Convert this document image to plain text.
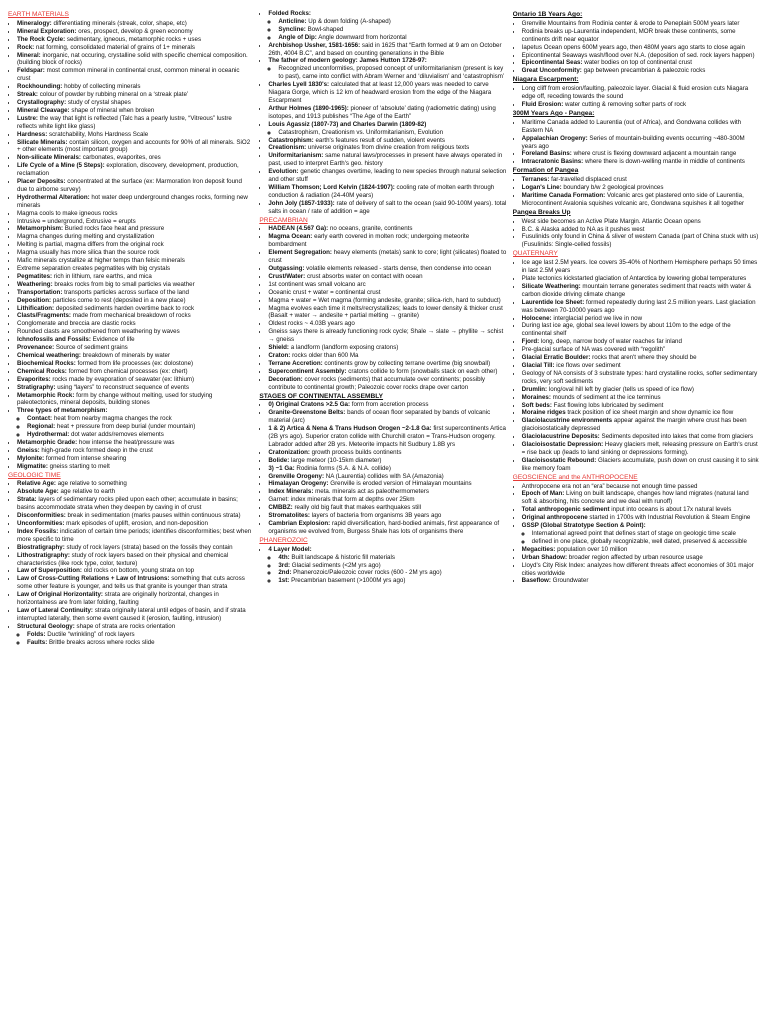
EARTH MATERIALS
• Mineralogy: differentiating minerals (streak, color, shape, etc)
• Mineral Exploration: ores, prospect, develop & green economy
• The Rock Cycle: sedimentary, igneous, metamorphic rocks + uses
• Rock: nat forming, consolidated material of grains of 1+ minerals
• Mineral: inorganic, nat occuring, crystalline solid with specific chemical composition. (building block of rocks)
• Feldspar: most common mineral in continental crust, common mineral in oceanic crust
• Rockhounding: hobby of collecting minerals
• Streak: colour of powder by rubbing mineral on a ‘streak plate’
• Crystallography: study of crystal shapes
• Mineral Cleavage: shape of mineral when broken
• Lustre: the way that light is reflected (Talc has a pearly lustre, “Vitreous” lustre reflects white light like glass)
• Hardness: scratchability, Mohs Hardness Scale
• Silicate Minerals: contain silicon, oxygen and accounts for 90% of all minerals. SiO2 + other elements (most important group)
• Non-silicate Minerals: carbonates, evaporites, ores
• Life Cycle of a Mine (5 Steps): exploration, discovery, development, production, reclamation
• Placer Deposits: concentrated at the surface (ex: Marmoration Iron deposit found due to airborne survey)
• Hydrothermal Alteration: hot water deep underground changes rocks, forming new minerals
• Magma cools to make igneous rocks
• Intrusive = underground, Extrusive = erupts
• Metamorphism: Buried rocks face heat and pressure
• Magma changes during melting and crystallization
• Melting is partial, magma differs from the original rock
• Magma usually has more silica than the source rock
• Mafic minerals crystallize at higher temps than felsic minerals
• Extreme separation creates pegmatites with big crystals
• Pegmatites: rich in lithium, rare earths, and mica
• Weathering: breaks rocks from big to small particles via weather
• Transportation: transports particles across surface of the land
• Deposition: particles come to rest (deposited in a new place)
• Lithification: deposited sediments harden overtime back to rock
• Clasts/Fragments: made from mechanical breakdown of rocks
• Conglomerate and breccia are clastic rocks
• Rounded clasts are smoothened from weathering by waves
• Ichnofossils and Fossils: Evidence of life
• Provenance: Source of sediment grains
• Chemical weathering: breakdown of minerals by water
• Biochemical Rocks: formed from life processes (ex: dolostone)
• Chemical Rocks: formed from chemical processes (ex: chert)
• Evaporites: rocks made by evaporation of seawater (ex: lithium)
• Stratigraphy: using “layers” to reconstruct sequence of events
• Metamorphic Rock: form by change without melting, used for studying paleotectonics, mineral deposits, building stones
• Three types of metamorphism:
◦ Contact: heat from nearby magma changes the rock
◦ Regional: heat + pressure from deep burial (under mountain)
◦ Hydrothermal: dot water adds/removes elements
• Metamorphic Grade: how intense the heat/pressure was
• Gneiss: high-grade rock formed deep in the crust
• Mylonite: formed from intense shearing
• Migmatite: gneiss starting to melt
GEOLOGIC TIME
• Relative Age: age relative to something
• Absolute Age: age relative to earth
• Strata: layers of sedimentary rocks piled upon each other; accumulate in basins; basins accommodate strata when they deepen by caving in of crust
• Disconformities: break in sedimentation (marks pauses within continuous strata)
• Unconformities: mark episodes of uplift, erosion, and non-deposition
• Index Fossils: indication of certain time periods; identifies disconformities; best when more specific to time
• Biostratigraphy: study of rock layers (strata) based on the fossils they contain
• Lithostratigraphy: study of rock layers based on their physical and chemical characteristics (like rock type, color, texture)
• Law of Superposition: old rocks on bottom, young strata on top
• Law of Cross-Cutting Relations + Law of Intrusions: something that cuts across some other feature is younger, and tells us that granite is younger than strata
• Law of Original Horizontality: strata are originally horizontal, changes in horizontalness are from later folding, faulting
• Law of Lateral Continuity: strata originally lateral until edges of basin, and if strata interrupted laterally, then some event caused it (erosion, faulting, intrusion)
• Structural Geology: shape of strata are rocks orientation
◦ Folds: Ductile “wrinkling” of rock layers
◦ Faults: Brittle breaks across where rocks slide
• Folded Rocks:
◦ Anticline: Up & down folding (A-shaped)
◦ Syncline: Bowl-shaped
◦ Angle of Dip: Angle downward from horizontal
• Archbishop Ussher, 1581-1656: said in 1625 that “Earth formed at 9 am on October 26th, 4004 B.C”, and based on counting generations in the Bible
• The father of modern geology: James Hutton 1726-97:
◦ Recognized unconformities, proposed concept of uniformitarianism (present is key to past), came into conflict with Abram Werner and ‘diluvialism’ and ‘catastrophism’
• Charles Lyell 1830's: calculated that at least 12,000 years was needed to carve Niagara Gorge, which is 12 km of headward erosion from the edge of the Niagara Escarpment
• Arthur Holmes (1890-1965): pioneer of ‘absolute’ dating (radiometric dating) using isotopes, and 1913 publishes “The Age of the Earth”
• Louis Agassiz (1807-73) and Charles Darwin (1809-82)
◦ Catastrophism, Creationism vs. Uniformitarianism, Evolution
• Catastrophism: earth's features result of sudden, violent events
• Creationism: universe originates from divine creation from religious texts
• Uniformitarianism: same natural laws/processes in present have always operated in past, used to interpret Earth's geo. history
• Evolution: genetic changes overtime, leading to new species through natural selection and other stuff
• William Thomson; Lord Kelvin (1824-1907): cooling rate of molten earth through conduction & radiation (24-40M years)
• John Joly (1857-1933): rate of delivery of salt to the ocean (said 90-100M years). total salts in ocean / rate of addition = age
PRECAMBRIAN
• HADEAN (4.567 Ga): no oceans, granite, continents
• Magma Ocean: early earth covered in molten rock; undergoing meteorite bombardment
• Element Segregation: heavy elements (metals) sank to core; light (silicates) floated to crust
• Outgassing: volatile elements released - starts dense, then condense into ocean
• Crust/Water: crust absorbs water on contact with ocean
• 1st continent was small volcano arc
• Oceanic crust + water = continental crust
• Magma + water = Wet magma (forming andesite, granite; silica-rich, hard to subduct)
• Magma evolves each time it melts/recrystallizes; leads to lower density & thicker crust (Basalt + water → andesite + partial melting → granite)
• Oldest rocks ~ 4.03B years ago
• Gneiss says there is already functioning rock cycle; Shale → slate → phyllite → schist → gneiss
• Shield: a landform (landform exposing cratons)
• Craton: rocks older than 600 Ma
• Terrane Accretion: continents grow by collecting terrane overtime (big snowball)
• Supercontinent Assembly: cratons collide to form (snowballs stack on each other)
• Decoration: cover rocks (sediments) that accumulate over continents; possibly contribute to continental growth; Paleozoic cover rocks drape over carton
STAGES OF CONTINENTAL ASSEMBLY
• 0) Original Cratons >2.5 Ga: form from accretion process
• Granite-Greenstone Belts: bands of ocean floor separated by bands of volcanic material (arc)
• 1 & 2) Artica & Nena & Trans Hudson Orogen ~2-1.8 Ga: first supercontinents Artica (2B yrs ago). Superior craton collide with Churchill craton = Trans-Hudson orogeny. Labrador added after 2B yrs. Meteorite impacts hit Sudbury 1.8B yrs
• Cratonization: growth process builds continents
• Bolide: large meteor (10-15km diameter)
• 3) ~1 Ga: Rodinia forms (S.A. & N.A. collide)
• Grenville Orogeny: NA (Laurentia) collides with SA (Amazonia)
• Himalayan Orogeny: Grenville is eroded version of Himalayan mountains
• Index Minerals: meta. minerals act as paleothermometers
• Garnet: index minerals that form at depths over 25km
• CMBBZ: really old big fault that makes earthquakes still
• Stromatolites: layers of bacteria from organisms 3B years ago
• Cambrian Explosion: rapid diversification, hard-bodied animals, first appearance of organisms we evolved from, Burgess Shale has lots of organisms there
PHANEROZOIC
• 4 Layer Model:
◦ 4th: Built landscape & historic fill materials
◦ 3rd: Glacial sediments (<2M yrs ago)
◦ 2nd: Phanerozoic/Paleozoic cover rocks (600 - 2M yrs ago)
◦ 1st: Precambrian basement (>1000M yrs ago)
Ontario 1B Years Ago:
• Grenville Mountains from Rodinia center & erode to Peneplain 500M years later
• Rodinia breaks up-Laurentia independent, MOR break these continents, some continents drift near equator
• Iapetus Ocean opens 600M years ago, then 480M years ago starts to close again
• Epicontinental Seaways wash/flood over N.A. (deposition of sed. rock layers happen)
• Epicontinental Seas: water bodies on top of continental crust
• Great Unconformity: gap between precambrian & paleozoic rocks
Niagara Escarpment:
• Long cliff from erosion/faulting, paleozoic layer. Glacial & fluid erosion cuts Niagara edge off, receding towards the sound
• Fluid Erosion: water cutting & removing softer parts of rock
300M Years Ago - Pangea:
• Maritime Canada added to Laurentia (out of Africa), and Gondwana collides with Eastern NA
• Appalachian Orogeny: Series of mountain-building events occurring ~480-300M years ago
• Foreland Basins: where crust is flexing downward adjacent a mountain range
• Intracratonic Basins: where there is down-welling mantle in middle of continents
Formation of Pangea
• Terranes: far-travelled displaced crust
• Logan's Line: boundary b/w 2 geological provinces
• Maritime Canada Formation: Volcanic arcs get plastered onto side of Laurentia, Microcontinent Avalonia squishes volcanic arc, Gondwana squishes it all together
Pangea Breaks Up
• West side becomes an Active Plate Margin. Atlantic Ocean opens
• B.C. & Alaska added to NA as it pushes west
• Fusulinids only found in China & sliver of western Canada (part of China stuck with us) (Fusulinids: Single-celled fossils)
QUATERNARY
• Ice age last 2.5M years. Ice covers 35-40% of Northern Hemisphere perhaps 50 times in last 2.5M years
• Plate tectonics kickstarted glaciation of Antarctica by lowering global temperatures
• Silicate Weathering: mountain terrane generates sediment that reacts with water & carbon dioxide driving climate change
• Laurentide Ice Sheet: formed repeatedly during last 2.5 million years. Last glaciation was between 70-10000 years ago
• Holocene: interglacial period we live in now
• During last ice age, global sea level lowers by about 110m to the edge of the continental shelf
• Fjord: long, deep, narrow body of water reaches far inland
• Pre-glacial surface of NA was covered with “regolith”
• Glacial Erratic Boulder: rocks that aren't where they should be
• Glacial Till: ice flows over sediment
• Geology of NA consists of 3 substrate types: hard crystalline rocks, softer sedimentary rocks, very soft sediments
• Drumlin: long/oval hill left by glacier (tells us speed of ice flow)
• Moraines: mounds of sediment at the ice terminus
• Soft beds: Fast flowing lobs lubricated by sediment
• Moraine ridges track position of ice sheet margin and show dynamic ice flow
• Glaciolacustrine environments appear against the margin where crust has been glacioisostatically depressed
• Glaciolacustrine Deposits: Sediments deposited into lakes that come from glaciers
• Glacioisostatic Depression: Heavy glaciers melt, releasing pressure on Earth's crust = rise back up (leads to land sinking or depressions forming).
• Glacioisostatic Rebound: Glaciers accumulate, push down on crust causing it to sink like memory foam
GEOSCIENCE and the ANTHROPOCENE
• Anthropocene era not an “era” because not enough time passed
• Epoch of Man: Living on built landscape, changes how land migrates (natural land soft & absorbing, hits concrete and we deal with runoff)
• Total anthropogenic sediment input into oceans is about 17x natural levels
• Original anthropocene started in 1700s with Industrial Revolution & Steam Engine
• GSSP (Global Stratotype Section & Point):
◦ International agreed point that defines start of stage on geologic time scale
◦ defined in one place, globally recognizable, well dated, preserved & accessible
• Megacities: population over 10 million
• Urban Shadow: broader region affected by urban resource usage
• Lloyd's City Risk Index: analyzes how different threats affect economies of 301 major cities worldwide
• Baseflow: Groundwater
